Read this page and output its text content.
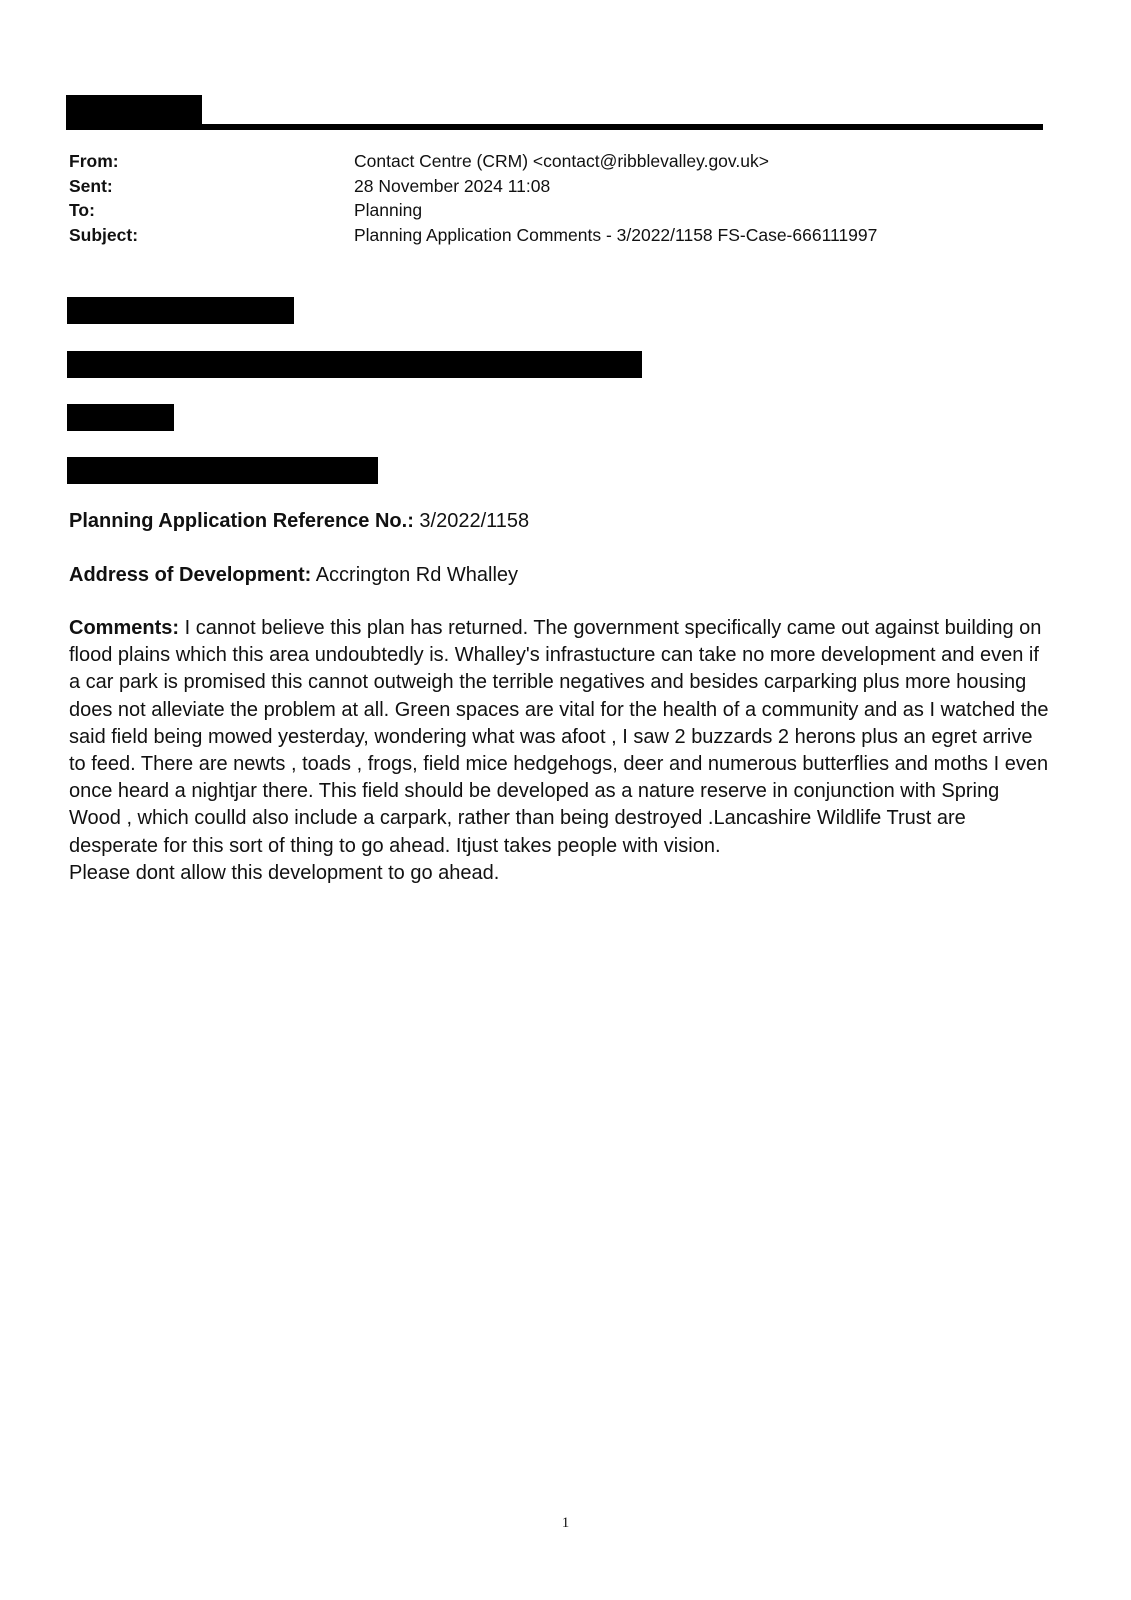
From:	Contact Centre (CRM) <contact@ribblevalley.gov.uk>
Sent:	28 November 2024 11:08
To:	Planning
Subject:	Planning Application Comments - 3/2022/1158 FS-Case-666111997
Planning Application Reference No.: 3/2022/1158
Address of Development: Accrington Rd Whalley

Comments: I cannot believe this plan has returned. The government specifically came out against building on flood plains which this area undoubtedly is. Whalley's infrastucture can take no more development and even if a car park is promised this cannot outweigh the terrible negatives and besides carparking plus more housing does not alleviate the problem at all. Green spaces are vital for the health of a community and as I watched the said field being mowed yesterday, wondering what was afoot , I saw 2 buzzards 2 herons plus an egret arrive to feed. There are newts , toads , frogs, field mice hedgehogs, deer and numerous butterflies and moths I even once heard a nightjar there. This field should be developed as a nature reserve in conjunction with Spring Wood , which coulld also include a carpark, rather than being destroyed .Lancashire Wildlife Trust are desperate for this sort of thing to go ahead. Itjust takes people with vision.

Please dont allow this development to go ahead.

1
